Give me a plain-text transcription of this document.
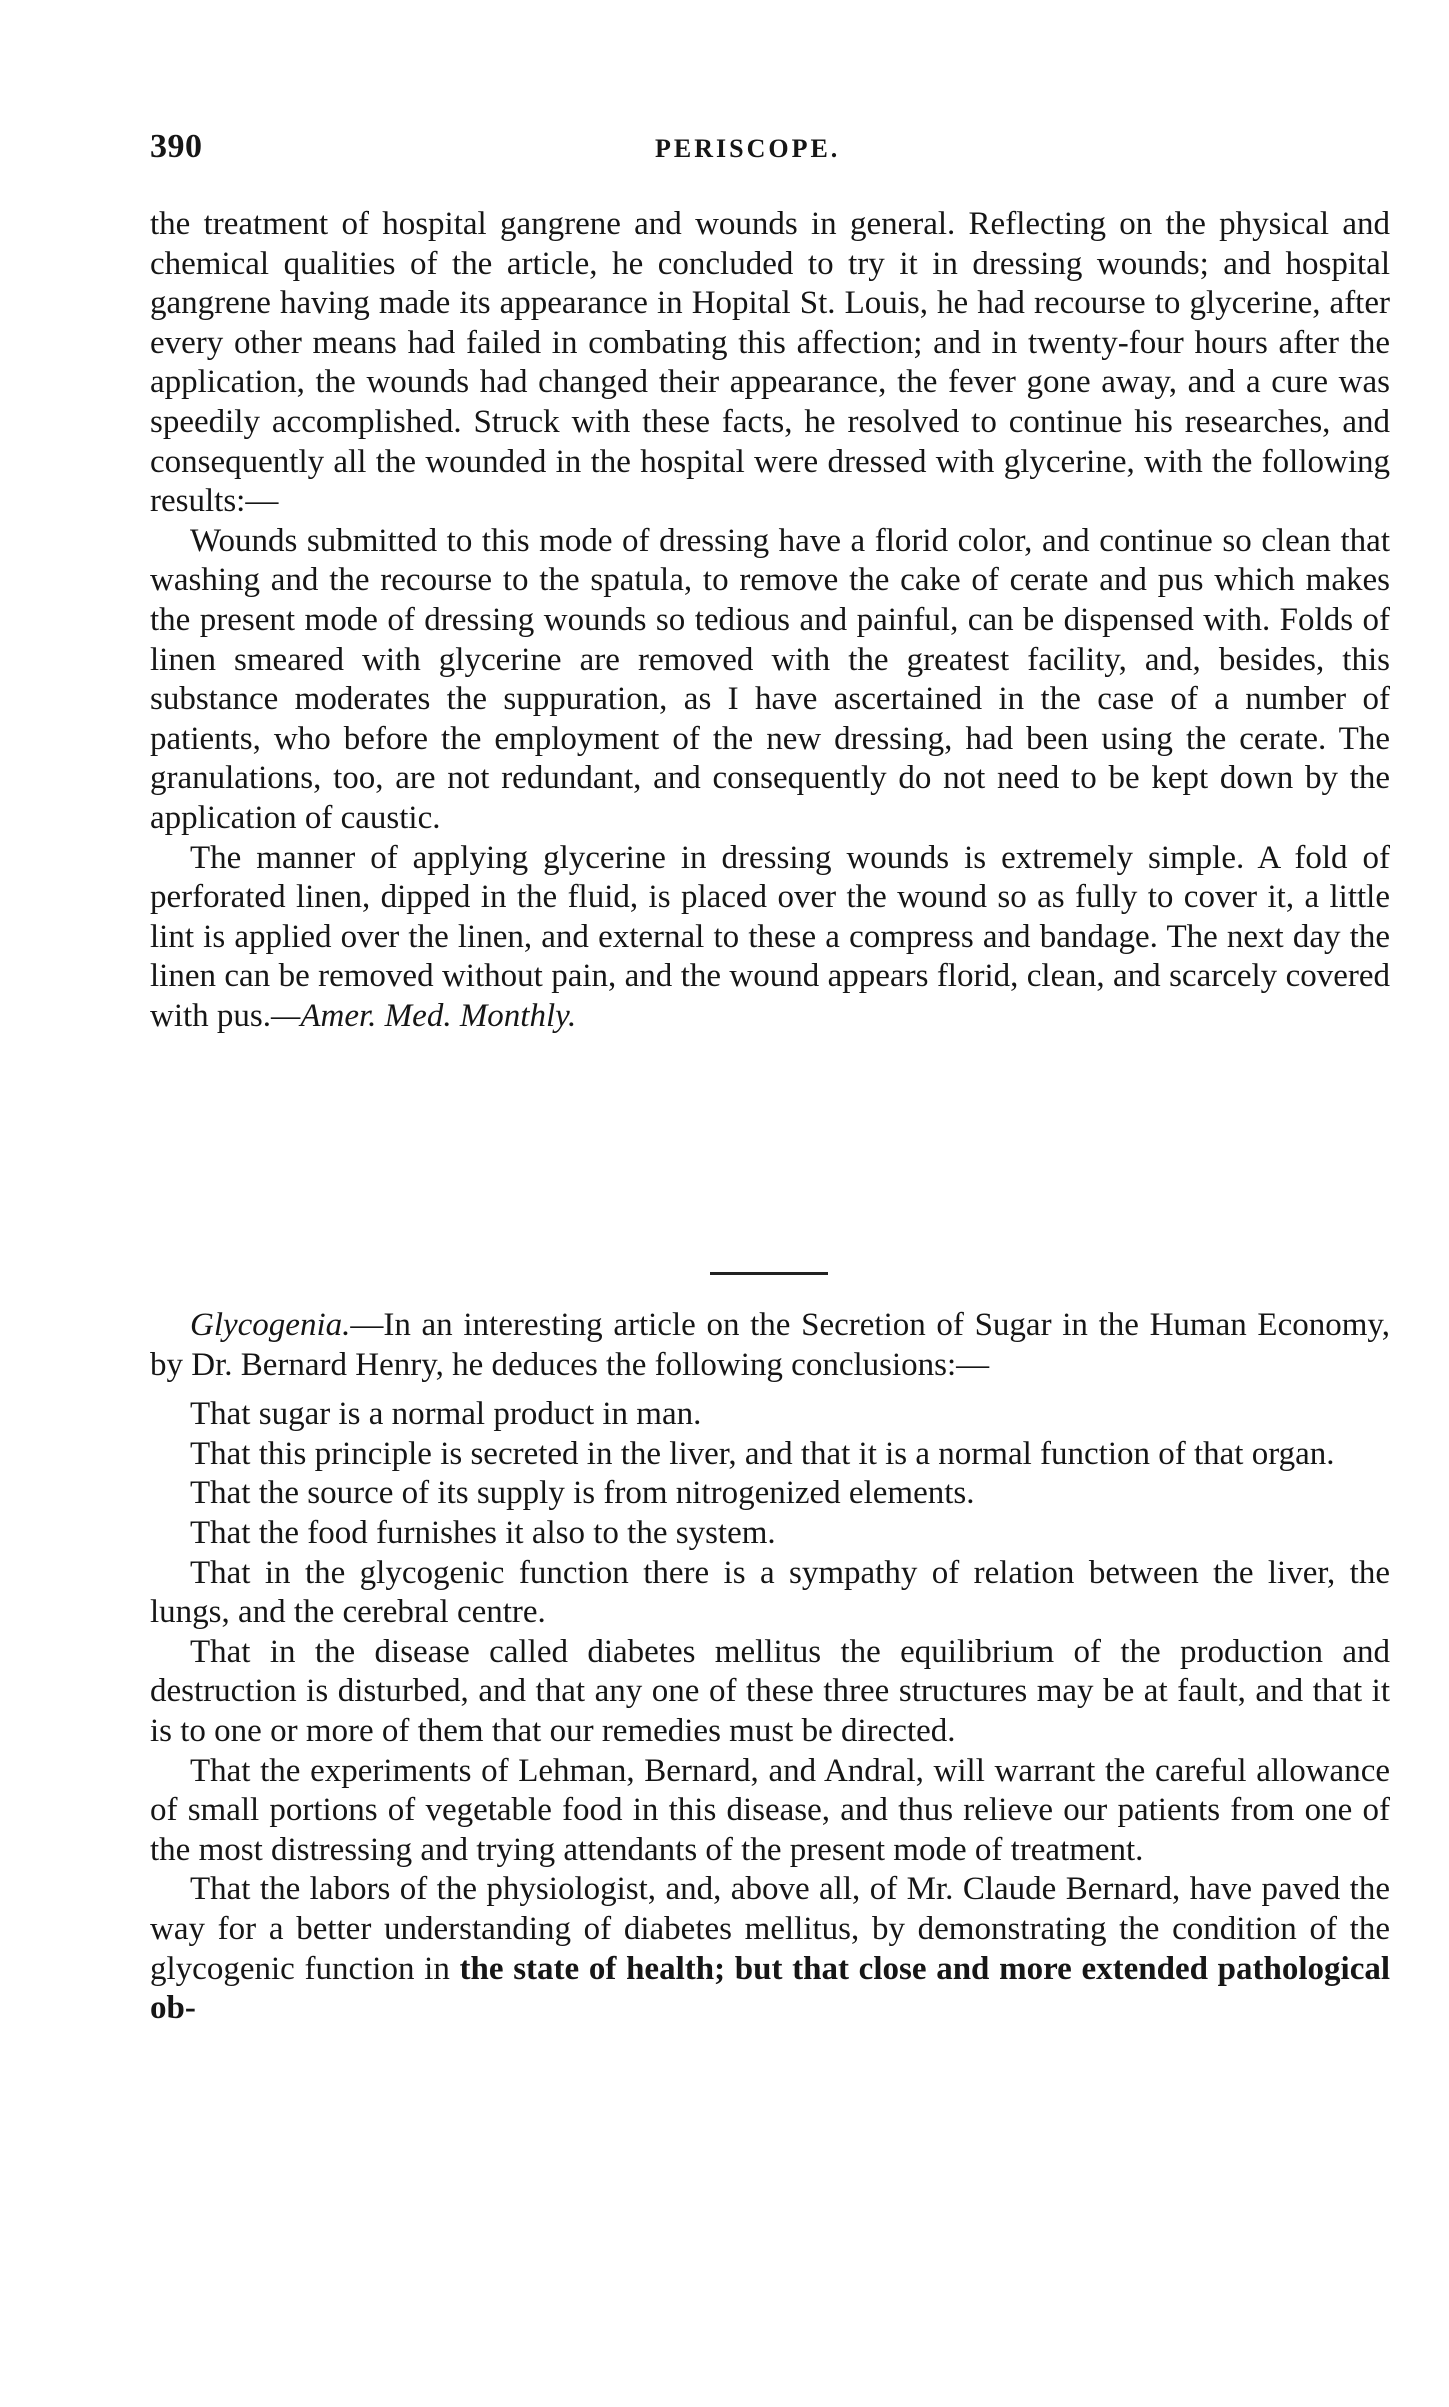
390	PERISCOPE.

the treatment of hospital gangrene and wounds in general. Reflecting on the physical and chemical qualities of the article, he concluded to try it in dressing wounds; and hospital gangrene having made its appearance in Hopital St. Louis, he had recourse to glycerine, after every other means had failed in combating this affection; and in twenty-four hours after the application, the wounds had changed their appearance, the fever gone away, and a cure was speedily accomplished. Struck with these facts, he resolved to continue his researches, and consequently all the wounded in the hospital were dressed with glycerine, with the following results:—

Wounds submitted to this mode of dressing have a florid color, and continue so clean that washing and the recourse to the spatula, to remove the cake of cerate and pus which makes the present mode of dressing wounds so tedious and painful, can be dispensed with. Folds of linen smeared with glycerine are removed with the greatest facility, and, besides, this substance moderates the suppuration, as I have ascertained in the case of a number of patients, who before the employment of the new dressing, had been using the cerate. The granulations, too, are not redundant, and consequently do not need to be kept down by the application of caustic.

The manner of applying glycerine in dressing wounds is extremely simple. A fold of perforated linen, dipped in the fluid, is placed over the wound so as fully to cover it, a little lint is applied over the linen, and external to these a compress and bandage. The next day the linen can be removed without pain, and the wound appears florid, clean, and scarcely covered with pus.—Amer. Med. Monthly.

Glycogenia.—In an interesting article on the Secretion of Sugar in the Human Economy, by Dr. Bernard Henry, he deduces the following conclusions:—

That sugar is a normal product in man.

That this principle is secreted in the liver, and that it is a normal function of that organ.

That the source of its supply is from nitrogenized elements.

That the food furnishes it also to the system.

That in the glycogenic function there is a sympathy of relation between the liver, the lungs, and the cerebral centre.

That in the disease called diabetes mellitus the equilibrium of the production and destruction is disturbed, and that any one of these three structures may be at fault, and that it is to one or more of them that our remedies must be directed.

That the experiments of Lehman, Bernard, and Andral, will warrant the careful allowance of small portions of vegetable food in this disease, and thus relieve our patients from one of the most distressing and trying attendants of the present mode of treatment.

That the labors of the physiologist, and, above all, of Mr. Claude Bernard, have paved the way for a better understanding of diabetes mellitus, by demonstrating the condition of the glycogenic function in the state of health; but that close and more extended pathological ob-
